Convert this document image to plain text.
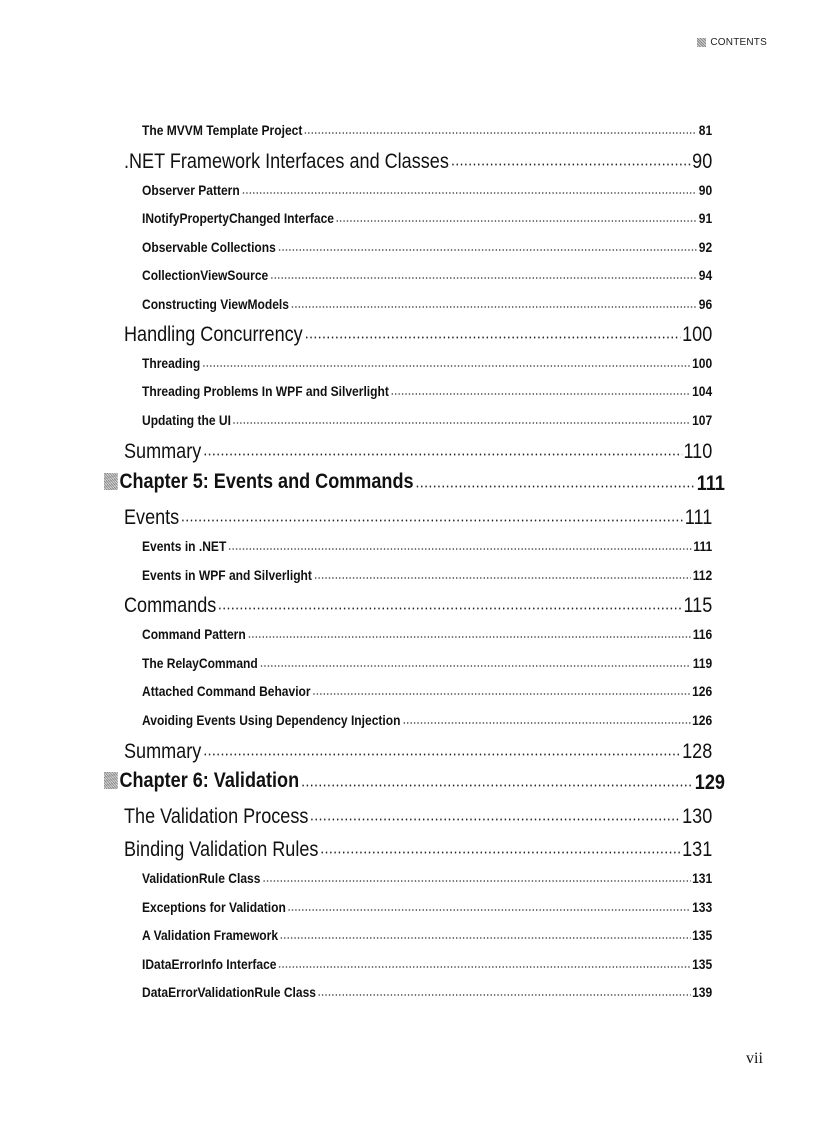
CONTENTS
The MVVM Template Project	81
.NET Framework Interfaces and Classes	90
Observer Pattern	90
INotifyPropertyChanged Interface	91
Observable Collections	92
CollectionViewSource	94
Constructing ViewModels	96
Handling Concurrency	100
Threading	100
Threading Problems In WPF and Silverlight	104
Updating the UI	107
Summary	110
Chapter 5: Events and Commands	111
Events	111
Events in .NET	111
Events in WPF and Silverlight	112
Commands	115
Command Pattern	116
The RelayCommand	119
Attached Command Behavior	126
Avoiding Events Using Dependency Injection	126
Summary	128
Chapter 6: Validation	129
The Validation Process	130
Binding Validation Rules	131
ValidationRule Class	131
Exceptions for Validation	133
A Validation Framework	135
IDataErrorInfo Interface	135
DataErrorValidationRule Class	139
vii
